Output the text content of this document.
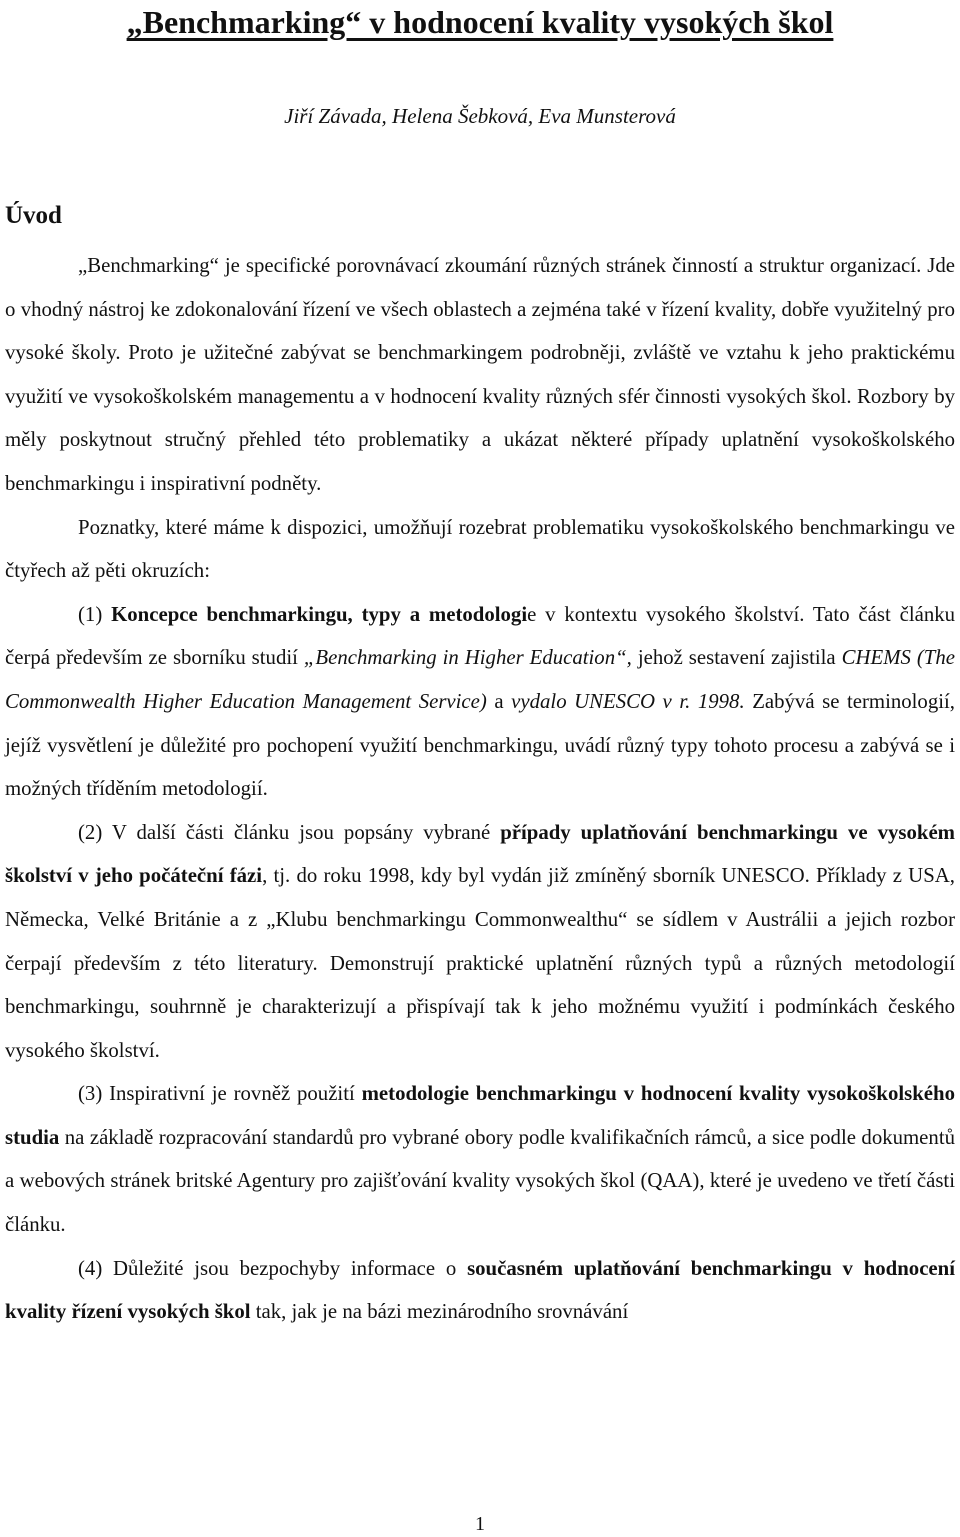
„Benchmarking“ v hodnocení kvality vysokých škol

Jiří Závada, Helena Šebková, Eva Munsterová

Úvod

„Benchmarking“ je specifické porovnávací zkoumání různých stránek činností a struktur organizací. Jde o vhodný nástroj ke zdokonalování řízení ve všech oblastech a zejména také v řízení kvality, dobře využitelný pro vysoké školy. Proto je užitečné zabývat se benchmarkingem podrobněji, zvláště ve vztahu k jeho praktickému využití ve vysokoškolském managementu a v hodnocení kvality různých sfér činnosti vysokých škol. Rozbory by měly poskytnout stručný přehled této problematiky a ukázat některé případy uplatnění vysokoškolského benchmarkingu i inspirativní podněty.

Poznatky, které máme k dispozici, umožňují rozebrat problematiku vysokoškolského benchmarkingu ve čtyřech až pěti okruzích:

(1) Koncepce benchmarkingu, typy a metodologie v kontextu vysokého školství. Tato část článku čerpá především ze sborníku studií „Benchmarking in Higher Education“, jehož sestavení zajistila CHEMS (The Commonwealth Higher Education Management Service) a vydalo UNESCO v r. 1998. Zabývá se terminologií, jejíž vysvětlení je důležité pro pochopení využití benchmarkingu, uvádí různý typy tohoto procesu a zabývá se i možných tříděním metodologií.

(2) V další části článku jsou popsány vybrané případy uplatňování benchmarkingu ve vysokém školství v jeho počáteční fázi, tj. do roku 1998, kdy byl vydán již zmíněný sborník UNESCO. Příklady z USA, Německa, Velké Británie a z „Klubu benchmarkingu Commonwealthu“ se sídlem v Austrálii a jejich rozbor čerpají především z této literatury. Demonstrují praktické uplatnění různých typů a různých metodologií benchmarkingu, souhrnně je charakterizují a přispívají tak k jeho možnému využití i podmínkách českého vysokého školství.

(3) Inspirativní je rovněž použití metodologie benchmarkingu v hodnocení kvality vysokoškolského studia na základě rozpracování standardů pro vybrané obory podle kvalifikačních rámců, a sice podle dokumentů a webových stránek britské Agentury pro zajišťování kvality vysokých škol (QAA), které je uvedeno ve třetí části článku.

(4) Důležité jsou bezpochyby informace o současném uplatňování benchmarkingu v hodnocení kvality řízení vysokých škol tak, jak je na bázi mezinárodního srovnávání

1
